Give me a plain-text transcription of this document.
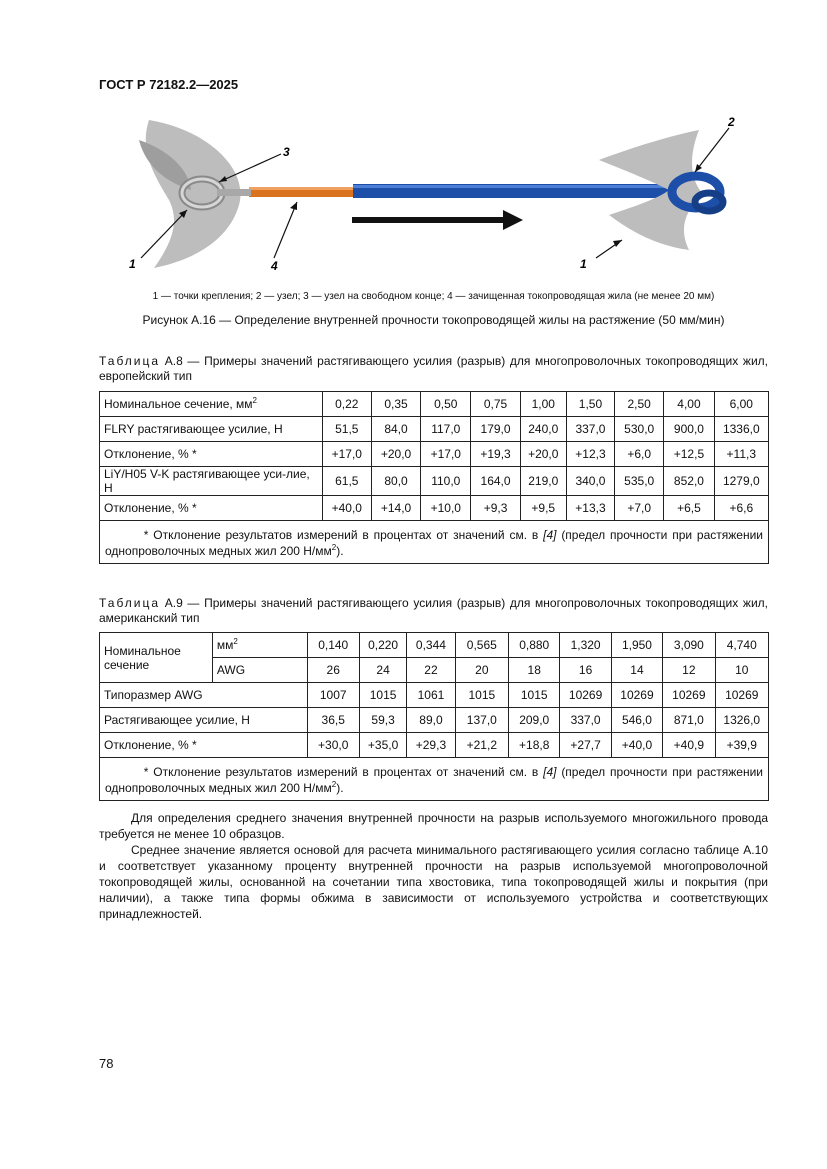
ГОСТ Р 72182.2—2025
1
2
3
4	1
1 — точки крепления; 2 — узел; 3 — узел на свободном конце; 4 — зачищенная токопроводящая жила (не менее 20 мм)
Рисунок А.16 — Определение внутренней прочности токопроводящей жилы на растяжение (50 мм/мин)
Таблица А.8 — Примеры значений растягивающего усилия (разрыв) для многопроволочных токопроводящих жил, европейский тип
Номинальное сечение, $мм^2$	0,22	0,35	0,50	0,75	1,00	1,50	2,50	4,00	6,00
FLRY растягивающее усилие, Н	51,5	84,0	117,0	179,0	240,0	337,0	530,0	900,0	1336,0
Отклонение, % *	+17,0	+20,0	+17,0	+19,3	+20,0	+12,3	+6,0	+12,5	+11,3
LiY/H05 V-K растягивающее уси-лие, Н	61,5	80,0	110,0	164,0	219,0	340,0	535,0	852,0	1279,0
Отклонение, % *	+40,0	+14,0	+10,0	+9,3	+9,5	+13,3	+7,0	+6,5	+6,6
* Отклонение результатов измерений в процентах от значений см. в [4] (предел прочности при растяжении однопроволочных медных жил 200 $Н/мм^2$).									
Таблица А.9 — Примеры значений растягивающего усилия (разрыв) для многопроволочных токопроводящих жил, американский тип
Номинальное сечение	$мм^2$	0,140	0,220	0,344	0,565	0,880	1,320	1,950	3,090	4,740
	AWG	26	24	22	20	18	16	14	12	10
Типоразмер AWG		1007	1015	1061	1015	1015	10269	10269	10269	10269
Растягивающее усилие, Н		36,5	59,3	89,0	137,0	209,0	337,0	546,0	871,0	1326,0
Отклонение, % *		+30,0	+35,0	+29,3	+21,2	+18,8	+27,7	+40,0	+40,9	+39,9
* Отклонение результатов измерений в процентах от значений см. в [4] (предел прочности при растяжении однопроволочных медных жил 200 $Н/мм^2$).										
Для определения среднего значения внутренней прочности на разрыв используемого многожильного провода требуется не менее 10 образцов.
Среднее значение является основой для расчета минимального растягивающего усилия согласно таблице А.10 и соответствует указанному проценту внутренней прочности на разрыв используемой многопроволочной токопроводящей жилы, основанной на сочетании типа хвостовика, типа токопроводящей жилы и покрытия (при наличии), а также типа формы обжима в зависимости от используемого устройства и соответствующих принадлежностей.
78
